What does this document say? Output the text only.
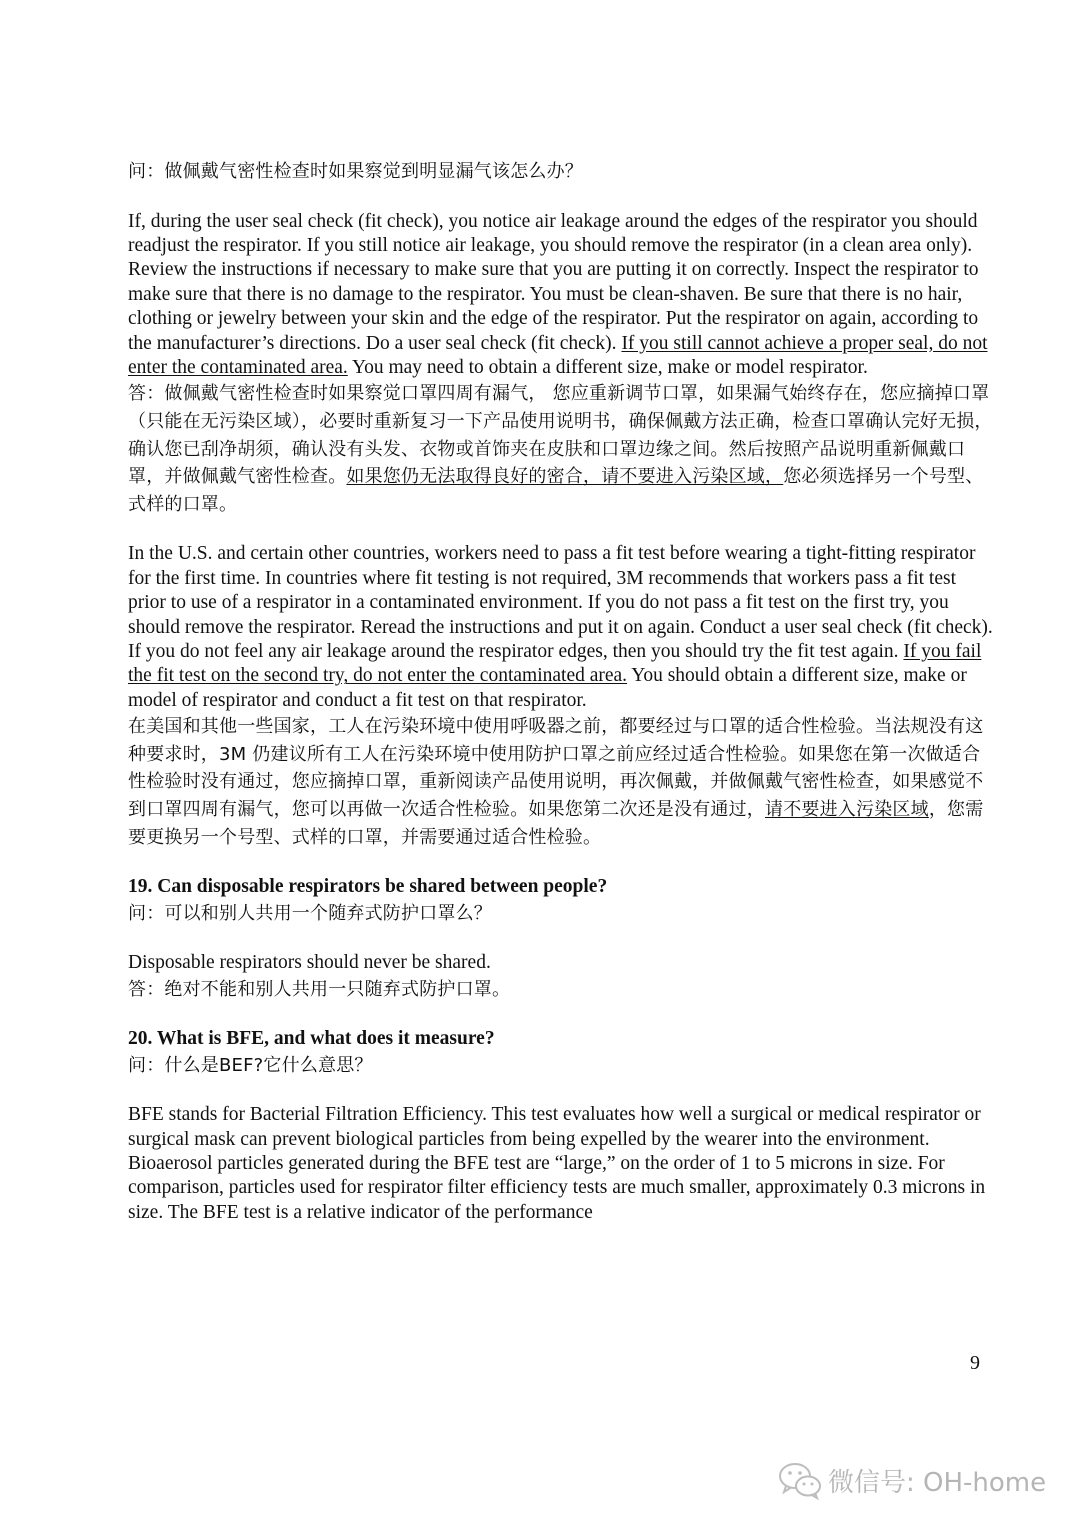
问：做佩戴气密性检查时如果察觉到明显漏气该怎么办？

If, during the user seal check (fit check), you notice air leakage around the edges of the respirator you should readjust the respirator. If you still notice air leakage, you should remove the respirator (in a clean area only). Review the instructions if necessary to make sure that you are putting it on correctly. Inspect the respirator to make sure that there is no damage to the respirator. You must be clean-shaven. Be sure that there is no hair, clothing or jewelry between your skin and the edge of the respirator. Put the respirator on again, according to the manufacturer’s directions. Do a user seal check (fit check). If you still cannot achieve a proper seal, do not enter the contaminated area. You may need to obtain a different size, make or model respirator.

答：做佩戴气密性检查时如果察觉口罩四周有漏气， 您应重新调节口罩，如果漏气始终存在，您应摘掉口罩（只能在无污染区域），必要时重新复习一下产品使用说明书，确保佩戴方法正确，检查口罩确认完好无损，确认您已刮净胡须，确认没有头发、衣物或首饰夹在皮肤和口罩边缘之间。然后按照产品说明重新佩戴口罩，并做佩戴气密性检查。如果您仍无法取得良好的密合，请不要进入污染区域，您必须选择另一个号型、式样的口罩。

In the U.S. and certain other countries, workers need to pass a fit test before wearing a tight-fitting respirator for the first time. In countries where fit testing is not required, 3M recommends that workers pass a fit test prior to use of a respirator in a contaminated environment. If you do not pass a fit test on the first try, you should remove the respirator. Reread the instructions and put it on again. Conduct a user seal check (fit check). If you do not feel any air leakage around the respirator edges, then you should try the fit test again. If you fail the fit test on the second try, do not enter the contaminated area. You should obtain a different size, make or model of respirator and conduct a fit test on that respirator.

在美国和其他一些国家，工人在污染环境中使用呼吸器之前，都要经过与口罩的适合性检验。当法规没有这种要求时，3M 仍建议所有工人在污染环境中使用防护口罩之前应经过适合性检验。如果您在第一次做适合性检验时没有通过，您应摘掉口罩，重新阅读产品使用说明，再次佩戴，并做佩戴气密性检查，如果感觉不到口罩四周有漏气，您可以再做一次适合性检验。如果您第二次还是没有通过，请不要进入污染区域，您需要更换另一个号型、式样的口罩，并需要通过适合性检验。

19. Can disposable respirators be shared between people?

问：可以和别人共用一个随弃式防护口罩么？

Disposable respirators should never be shared.

答：绝对不能和别人共用一只随弃式防护口罩。

20. What is BFE, and what does it measure?

问：什么是BEF?它什么意思？

BFE stands for Bacterial Filtration Efficiency. This test evaluates how well a surgical or medical respirator or surgical mask can prevent biological particles from being expelled by the wearer into the environment. Bioaerosol particles generated during the BFE test are “large,” on the order of 1 to 5 microns in size. For comparison, particles used for respirator filter efficiency tests are much smaller, approximately 0.3 microns in size. The BFE test is a relative indicator of the performance

9
微信号: OH-home
